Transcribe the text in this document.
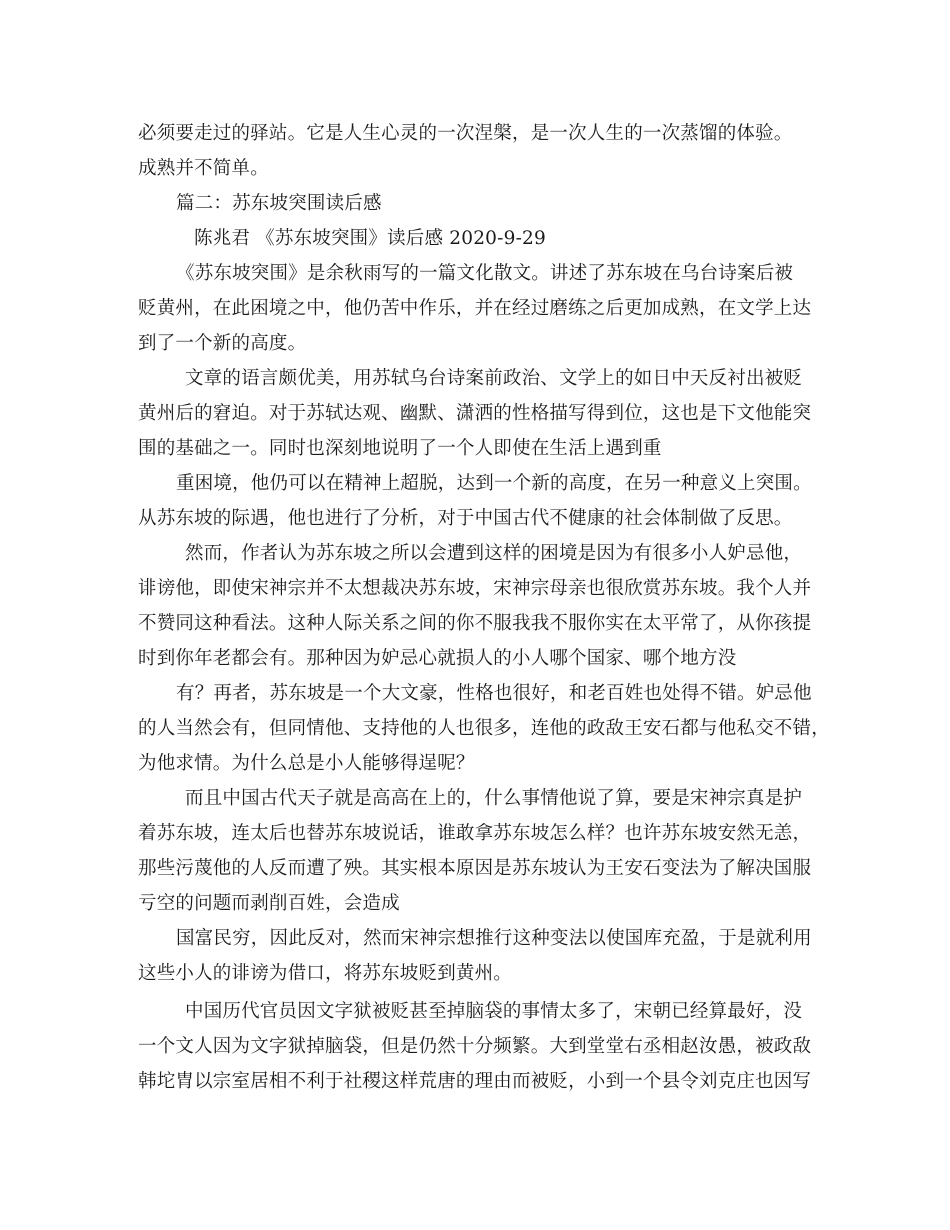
必须要走过的驿站。它是人生心灵的一次涅槃，是一次人生的一次蒸馏的体验。
成熟并不简单。
篇二：苏东坡突围读后感
陈兆君 《苏东坡突围》读后感 2020-9-29
《苏东坡突围》是余秋雨写的一篇文化散文。讲述了苏东坡在乌台诗案后被
贬黄州，在此困境之中，他仍苦中作乐，并在经过磨练之后更加成熟，在文学上达
到了一个新的高度。
文章的语言颇优美，用苏轼乌台诗案前政治、文学上的如日中天反衬出被贬
黄州后的窘迫。对于苏轼达观、幽默、潇洒的性格描写得到位，这也是下文他能突
围的基础之一。同时也深刻地说明了一个人即使在生活上遇到重
重困境，他仍可以在精神上超脱，达到一个新的高度，在另一种意义上突围。
从苏东坡的际遇，他也进行了分析，对于中国古代不健康的社会体制做了反思。
然而，作者认为苏东坡之所以会遭到这样的困境是因为有很多小人妒忌他，
诽谤他，即使宋神宗并不太想裁决苏东坡，宋神宗母亲也很欣赏苏东坡。我个人并
不赞同这种看法。这种人际关系之间的你不服我我不服你实在太平常了，从你孩提
时到你年老都会有。那种因为妒忌心就损人的小人哪个国家、哪个地方没
有？再者，苏东坡是一个大文豪，性格也很好，和老百姓也处得不错。妒忌他
的人当然会有，但同情他、支持他的人也很多，连他的政敌王安石都与他私交不错，
为他求情。为什么总是小人能够得逞呢？
而且中国古代天子就是高高在上的，什么事情他说了算，要是宋神宗真是护
着苏东坡，连太后也替苏东坡说话，谁敢拿苏东坡怎么样？也许苏东坡安然无恙，
那些污蔑他的人反而遭了殃。其实根本原因是苏东坡认为王安石变法为了解决国服
亏空的问题而剥削百姓，会造成
国富民穷，因此反对，然而宋神宗想推行这种变法以使国库充盈，于是就利用
这些小人的诽谤为借口，将苏东坡贬到黄州。
中国历代官员因文字狱被贬甚至掉脑袋的事情太多了，宋朝已经算最好，没
一个文人因为文字狱掉脑袋，但是仍然十分频繁。大到堂堂右丞相赵汝愚，被政敌
韩坨胄以宗室居相不利于社稷这样荒唐的理由而被贬，小到一个县令刘克庄也因写
